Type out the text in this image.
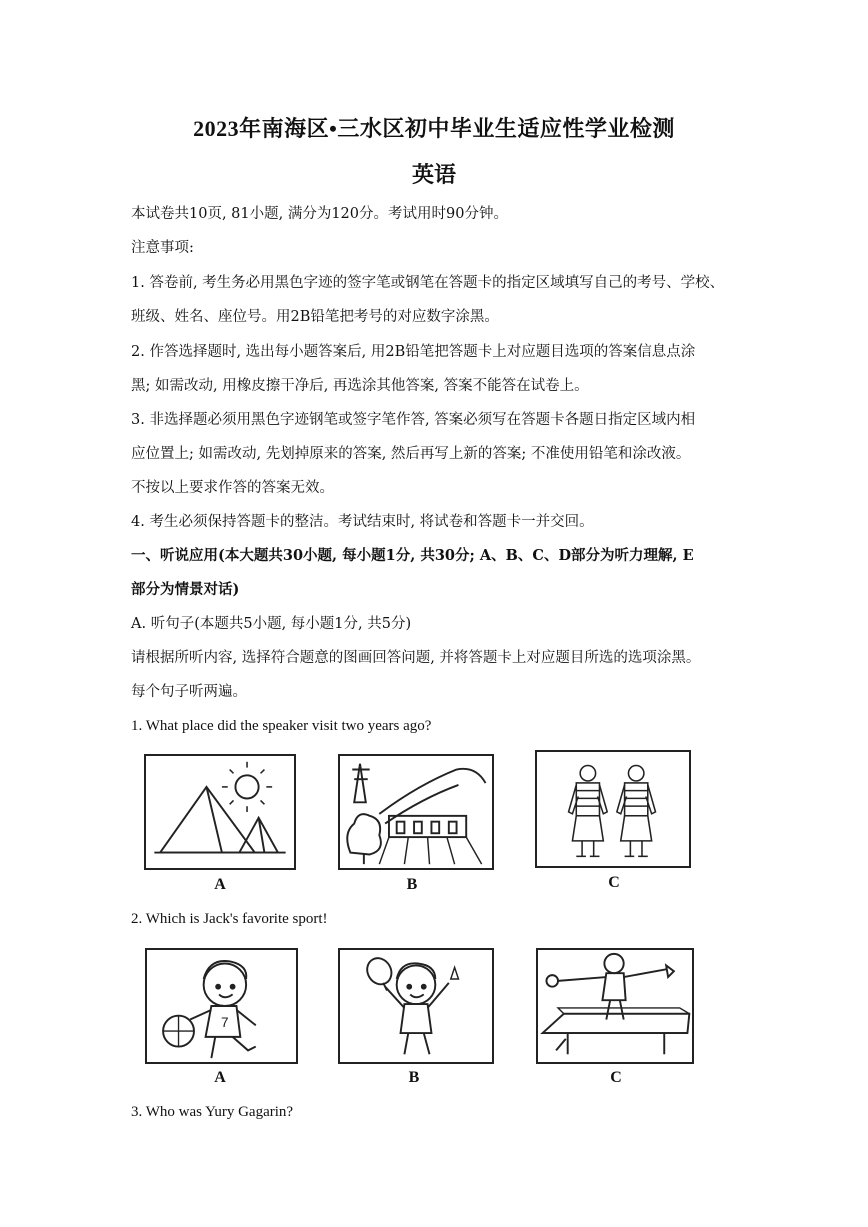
2023年南海区•三水区初中毕业生适应性学业检测
英语
本试卷共10页, 81小题, 满分为120分。考试用时90分钟。
注意事项:
1. 答卷前, 考生务必用黑色字迹的签字笔或钢笔在答题卡的指定区域填写自己的考号、学校、
班级、姓名、座位号。用2B铅笔把考号的对应数字涂黑。
2. 作答选择题时, 选出每小题答案后, 用2B铅笔把答题卡上对应题目选项的答案信息点涂
黑; 如需改动, 用橡皮擦干净后, 再选涂其他答案, 答案不能答在试卷上。
3. 非选择题必须用黑色字迹钢笔或签字笔作答, 答案必须写在答题卡各题日指定区域内相
应位置上; 如需改动, 先划掉原来的答案, 然后再写上新的答案; 不准使用铅笔和涂改液。
不按以上要求作答的答案无效。
4. 考生必须保持答题卡的整洁。考试结束时, 将试卷和答题卡一并交回。
一、听说应用(本大题共30小题, 每小题1分, 共30分; A、B、C、D部分为听力理解, E
部分为情景对话)
A. 听句子(本题共5小题, 每小题1分, 共5分)
请根据所听内容, 选择符合题意的图画回答问题, 并将答题卡上对应题目所选的选项涂黑。
每个句子听两遍。
1. What place did the speaker visit two years ago?
A	B	C
2. Which is Jack's favorite sport!
7
A	B	C
3. Who was Yury Gagarin?
